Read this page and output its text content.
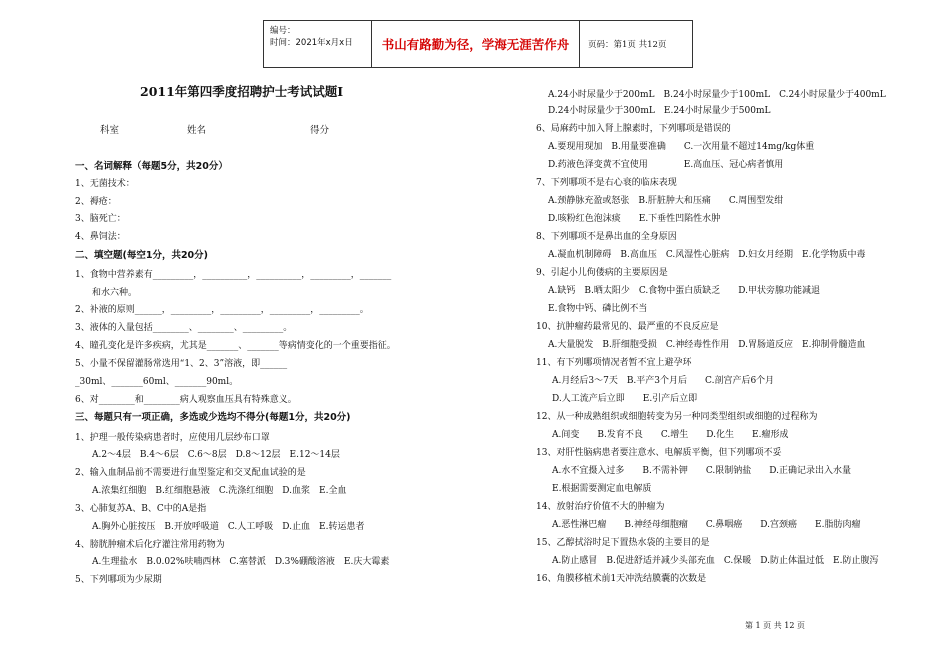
编号：
时间：2021年x月x日	书山有路勤为径，学海无涯苦作舟	页码：第1页 共12页
2011年第四季度招聘护士考试试题Ⅰ
科室	姓名	得分
一、名词解释（每题5分，共20分）
二、填空题(每空1分，共20分)
三、每题只有一项正确，多选或少选均不得分(每题1分，共20分)
1、无菌技术：
2、褥疮：
3、脑死亡：
4、鼻饲法：
1、食物中营养素有_________，__________，__________，_________，_______
和水六种。
2、补液的原则______，_________，_________，_________，_________。
3、液体的入量包括________、________、_________。
4、瞳孔变化是许多疾病，尤其是_______、_______等病情变化的一个重要指征。
5、小量不保留灌肠常选用“1、2、3”溶液，即______
_30ml、_______60ml、_______90ml。
6、对________和________病人观察血压具有特殊意义。
1、护理一般传染病患者时，应使用几层纱布口罩
A.2～4层　B.4～6层　C.6～8层　D.8～12层　E.12～14层
2、输入血制品前不需要进行血型鉴定和交叉配血试验的是
A.浓集红细胞　B.红细胞悬液　C.洗涤红细胞　D.血浆　E.全血
3、心肺复苏A、B、C中的A是指
A.胸外心脏按压　B.开放呼吸道　C.人工呼吸　D.止血　E.转运患者
4、膀胱肿瘤术后化疗灌注常用药物为
A.生理盐水　B.0.02%呋喃西林　C.塞替派　D.3%硼酸溶液　E.庆大霉素
5、下列哪项为少尿期
A.24小时尿量少于200mL　B.24小时尿量少于100mL　C.24小时尿量少于400mL
D.24小时尿量少于300mL　E.24小时尿量少于500mL
6、局麻药中加入肾上腺素时，下列哪项是错误的
A.要现用现加　B.用量要准确　　C.一次用量不超过14mg/kg体重
D.药液色泽变黄不宜使用　　　　E.高血压、冠心病者慎用
7、下列哪项不是右心衰的临床表现
A.颈静脉充盈或怒张　B.肝脏肿大和压痛　　C.周围型发绀
D.咳粉红色泡沫痰　　E.下垂性凹陷性水肿
8、下列哪项不是鼻出血的全身原因
A.凝血机制障碍　B.高血压　C.风湿性心脏病　D.妇女月经期　E.化学物质中毒
9、引起小儿佝偻病的主要原因是
A.缺钙　B.晒太阳少　C.食物中蛋白质缺乏　　D.甲状旁腺功能减退
E.食物中钙、磷比例不当
10、抗肿瘤药最常见的、最严重的不良反应是
A.大量脱发　B.肝细胞受损　C.神经毒性作用　D.胃肠道反应　E.抑制骨髓造血
11、有下列哪项情况者暂不宜上避孕环
A.月经后3～7天　B.平产3个月后　　C.剖宫产后6个月
D.人工流产后立即　　E.引产后立即
12、从一种成熟组织或细胞转变为另一种同类型组织或细胞的过程称为
A.间变　　B.发育不良　　C.增生　　D.化生　　E.瘤形成
13、对肝性脑病患者要注意水、电解质平衡，但下列哪项不妥
A.水不宜摄入过多　　B.不需补钾　　C.限制钠盐　　D.正确记录出入水量
E.根据需要测定血电解质
14、放射治疗价值不大的肿瘤为
A.恶性淋巴瘤　　B.神经母细胞瘤　　C.鼻咽癌　　D.宫颈癌　　E.脂肪肉瘤
15、乙醇拭浴时足下置热水袋的主要目的是
A.防止感冒　B.促进舒适并减少头部充血　C.保暖　D.防止体温过低　E.防止腹泻
16、角膜移植术前1天冲洗结膜囊的次数是
第 1 页 共 12 页
